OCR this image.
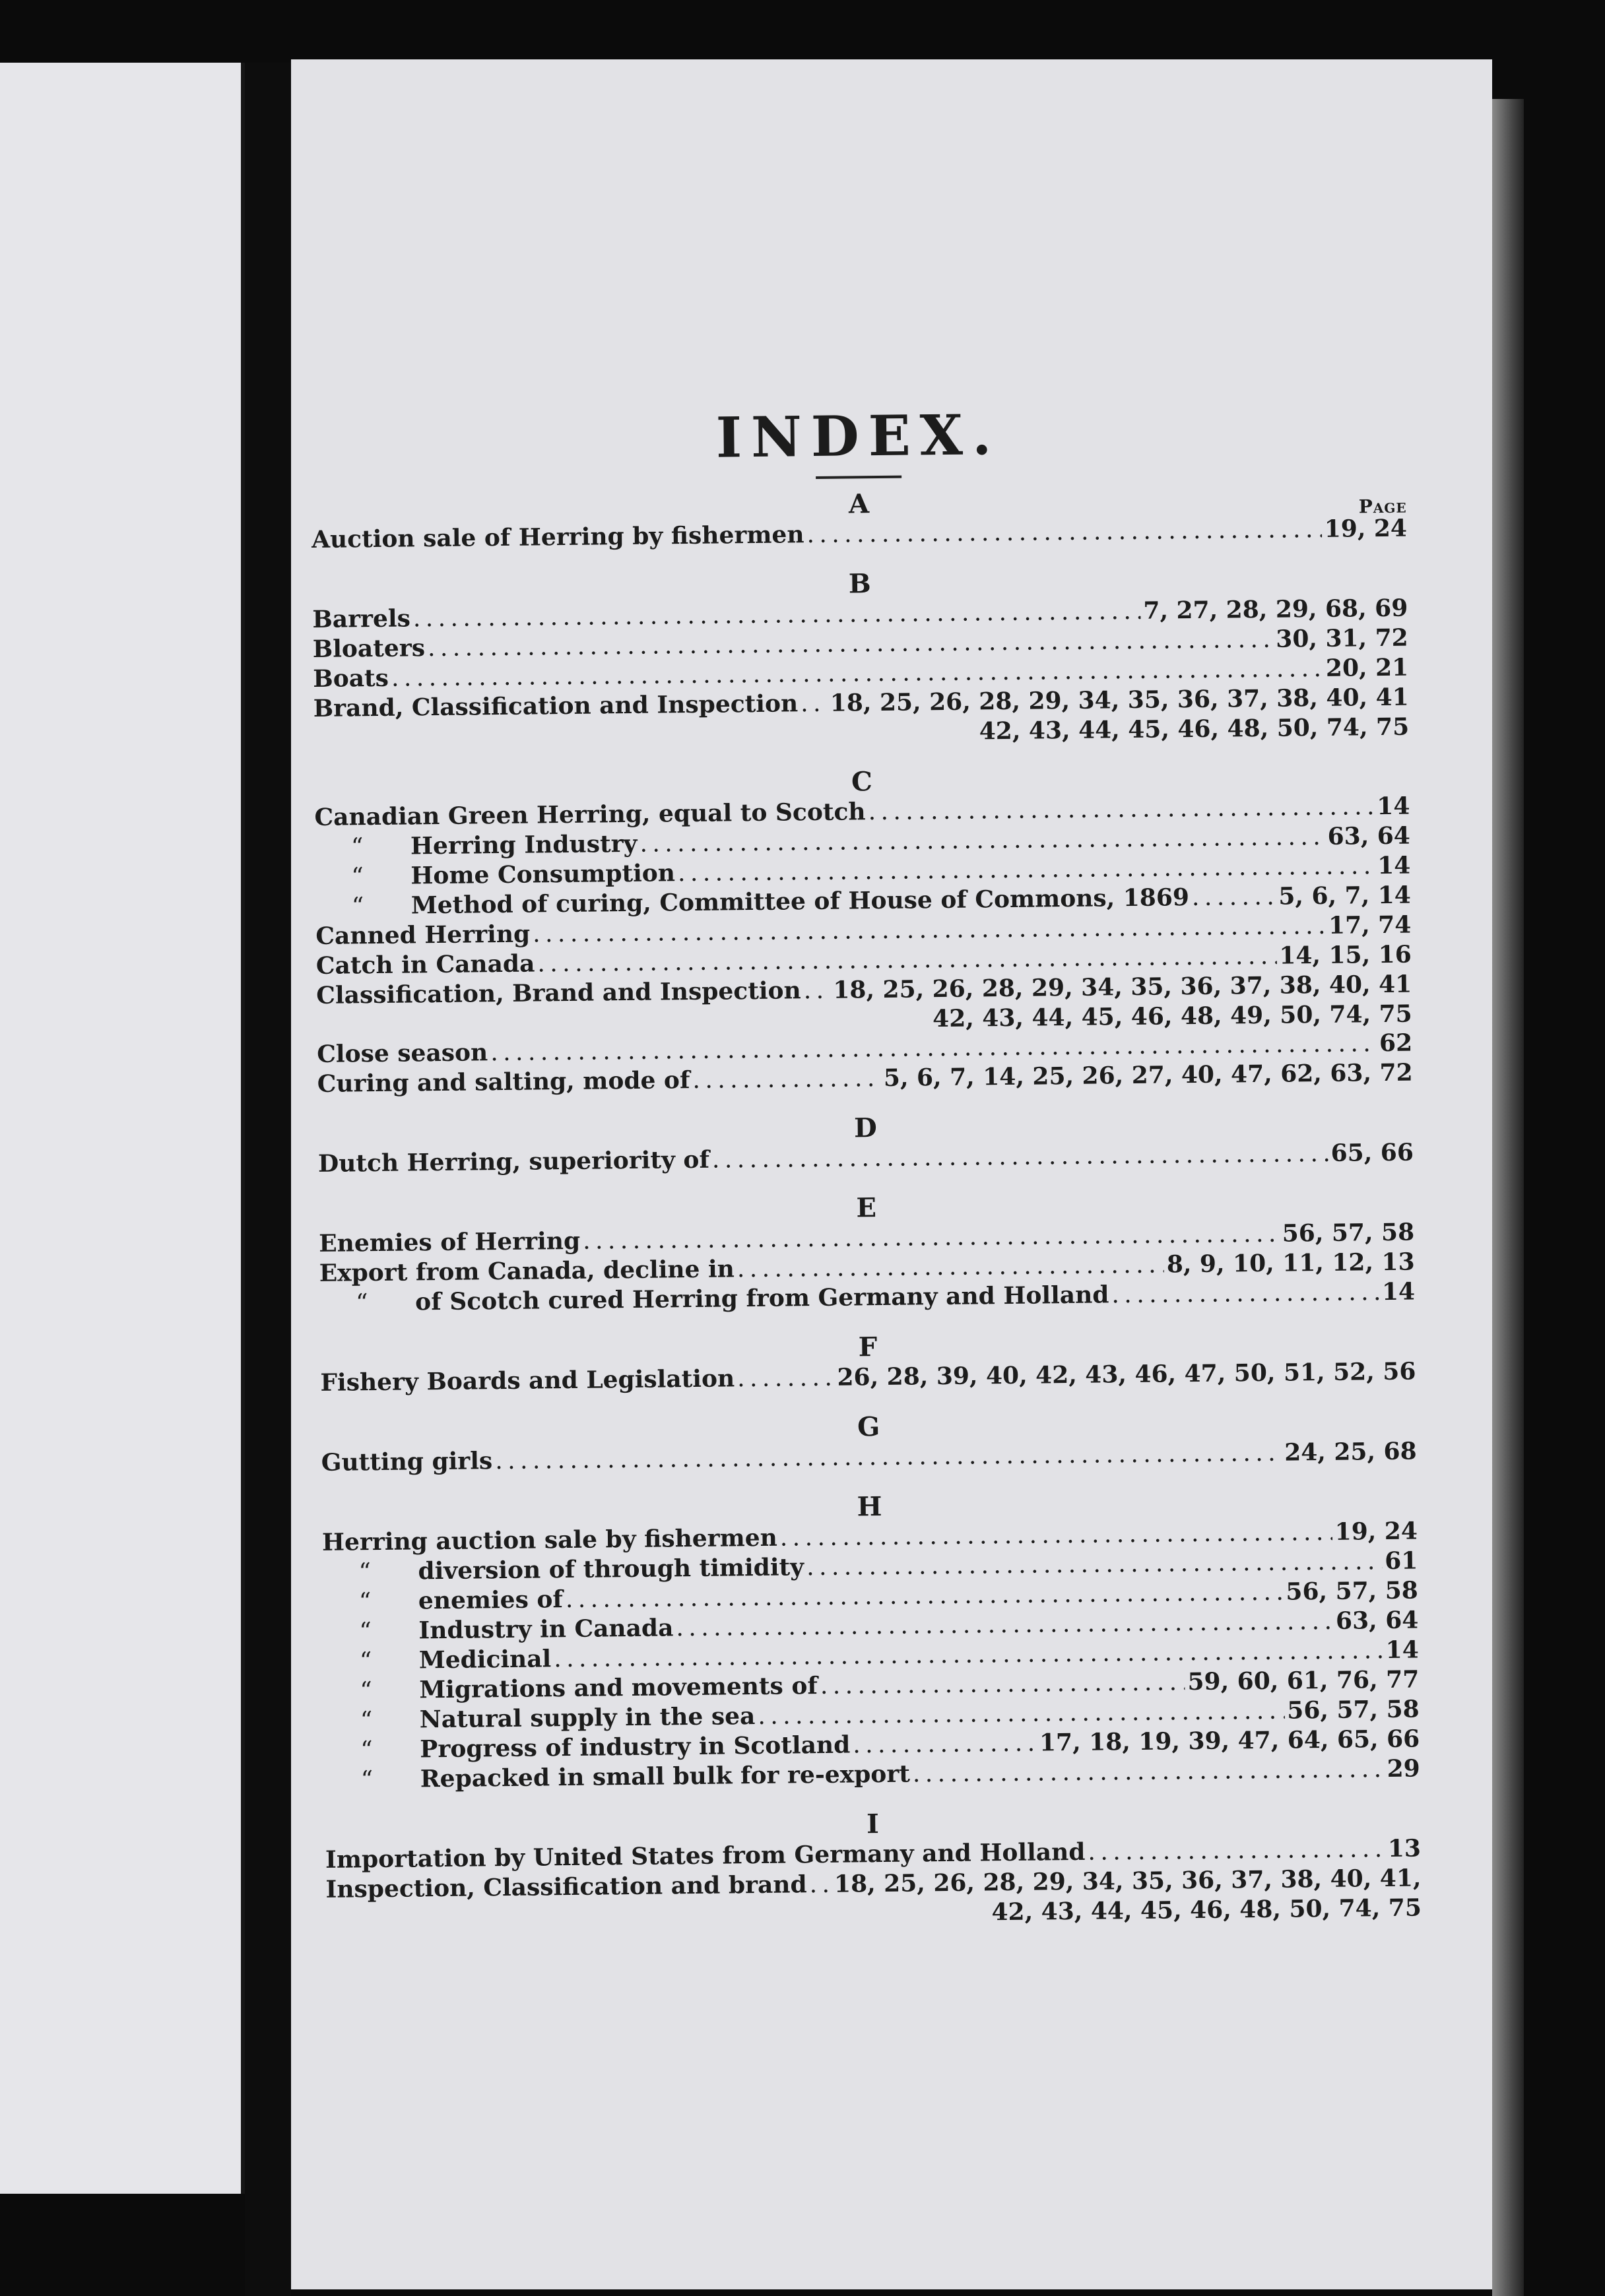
INDEX.
A	Page
Auction sale of Herring by fishermen . . .	19, 24
B
Barrels . . .	7, 27, 28, 29, 68, 69
Bloaters . . .	30, 31, 72
Boats . . .	20, 21
Brand, Classification and Inspection . . . 18, 25, 26, 28, 29, 34, 35, 36, 37, 38, 40, 41
42, 43, 44, 45, 46, 48, 50, 74, 75
C
Canadian Green Herring, equal to Scotch . . .	14
“ Herring Industry . . .	63, 64
“ Home Consumption . . .	14
“ Method of curing, Committee of House of Commons, 1869 . . .	5, 6, 7, 14
Canned Herring . . .	17, 74
Catch in Canada . . .	14, 15, 16
Classification, Brand and Inspection . . . 18, 25, 26, 28, 29, 34, 35, 36, 37, 38, 40, 41
42, 43, 44, 45, 46, 48, 49, 50, 74, 75
Close season . . .	62
Curing and salting, mode of . . .	5, 6, 7, 14, 25, 26, 27, 40, 47, 62, 63, 72
D
Dutch Herring, superiority of . . .	65, 66
E
Enemies of Herring . . .	56, 57, 58
Export from Canada, decline in . . .	8, 9, 10, 11, 12, 13
“ of Scotch cured Herring from Germany and Holland . . .	14
F
Fishery Boards and Legislation . . .	26, 28, 39, 40, 42, 43, 46, 47, 50, 51, 52, 56
G
Gutting girls . . .	24, 25, 68
H
Herring auction sale by fishermen . . .	19, 24
“ diversion of through timidity . . .	61
“ enemies of . . .	56, 57, 58
“ Industry in Canada . . .	63, 64
“ Medicinal . . .	14
“ Migrations and movements of . . .	59, 60, 61, 76, 77
“ Natural supply in the sea . . .	56, 57, 58
“ Progress of industry in Scotland . . .	17, 18, 19, 39, 47, 64, 65, 66
“ Repacked in small bulk for re-export . . .	29
I
Importation by United States from Germany and Holland . . .	13
Inspection, Classification and brand . . . 18, 25, 26, 28, 29, 34, 35, 36, 37, 38, 40, 41,
42, 43, 44, 45, 46, 48, 50, 74, 75
